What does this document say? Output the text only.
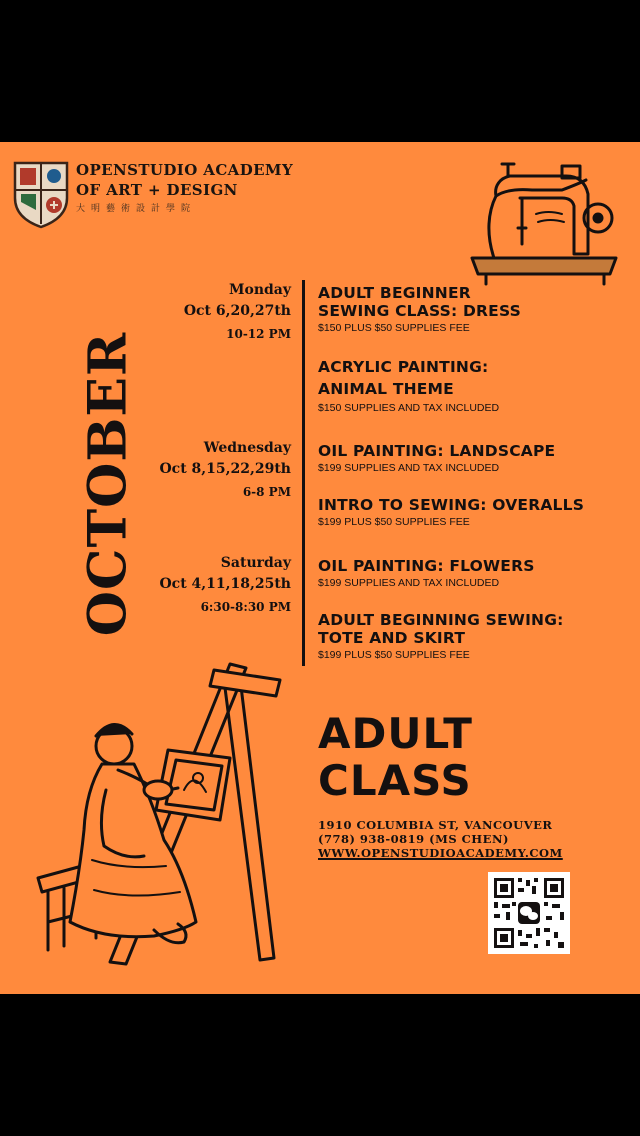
OPENSTUDIO ACADEMY
OF ART + DESIGN
大明藝術設計學院
OCTOBER
Monday
Oct 6,20,27th
10-12 PM
Wednesday
Oct 8,15,22,29th
6-8 PM
Saturday
Oct 4,11,18,25th
6:30-8:30 PM
ADULT BEGINNER
SEWING CLASS: DRESS
$150 PLUS $50 SUPPLIES FEE
ACRYLIC PAINTING:
ANIMAL THEME
$150 SUPPLIES AND TAX INCLUDED
OIL PAINTING: LANDSCAPE
$199 SUPPLIES AND TAX INCLUDED
INTRO TO SEWING: OVERALLS
$199 PLUS $50 SUPPLIES FEE
OIL PAINTING: FLOWERS
$199 SUPPLIES AND TAX INCLUDED
ADULT BEGINNING SEWING:
TOTE AND SKIRT
$199 PLUS $50 SUPPLIES FEE
ADULT
CLASS
1910 COLUMBIA ST, VANCOUVER
(778) 938-0819 (MS CHEN)
WWW.OPENSTUDIOACADEMY.COM
